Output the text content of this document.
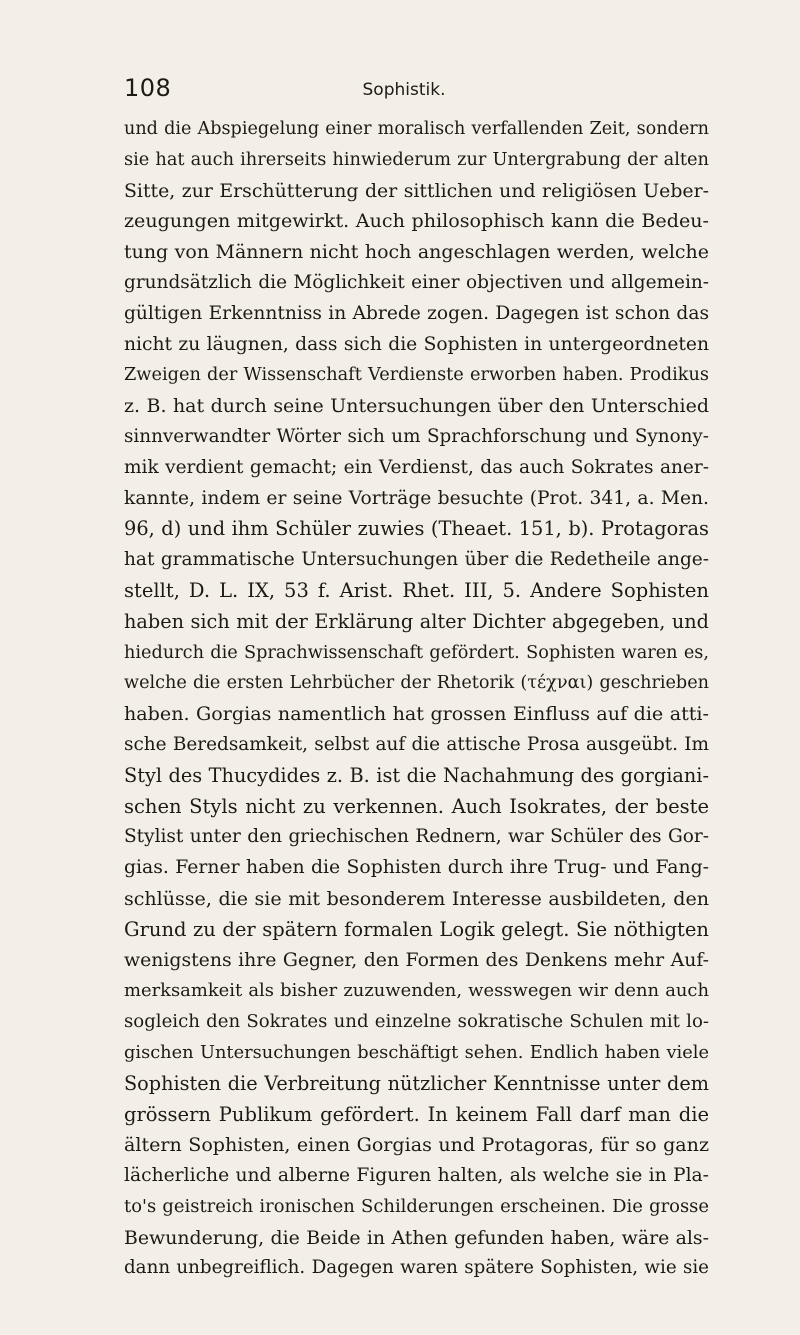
108	Sophistik.
und die Abspiegelung einer moralisch verfallenden Zeit, sondern
sie hat auch ihrerseits hinwiederum zur Untergrabung der alten
Sitte, zur Erschütterung der sittlichen und religiösen Ueber-
zeugungen mitgewirkt. Auch philosophisch kann die Bedeu-
tung von Männern nicht hoch angeschlagen werden, welche
grundsätzlich die Möglichkeit einer objectiven und allgemein-
gültigen Erkenntniss in Abrede zogen. Dagegen ist schon das
nicht zu läugnen, dass sich die Sophisten in untergeordneten
Zweigen der Wissenschaft Verdienste erworben haben. Prodikus
z. B. hat durch seine Untersuchungen über den Unterschied
sinnverwandter Wörter sich um Sprachforschung und Synony-
mik verdient gemacht; ein Verdienst, das auch Sokrates aner-
kannte, indem er seine Vorträge besuchte (Prot. 341, a. Men.
96, d) und ihm Schüler zuwies (Theaet. 151, b). Protagoras
hat grammatische Untersuchungen über die Redetheile ange-
stellt, D. L. IX, 53 f. Arist. Rhet. III, 5. Andere Sophisten
haben sich mit der Erklärung alter Dichter abgegeben, und
hiedurch die Sprachwissenschaft gefördert. Sophisten waren es,
welche die ersten Lehrbücher der Rhetorik (τέχναι) geschrieben
haben. Gorgias namentlich hat grossen Einfluss auf die atti-
sche Beredsamkeit, selbst auf die attische Prosa ausgeübt. Im
Styl des Thucydides z. B. ist die Nachahmung des gorgiani-
schen Styls nicht zu verkennen. Auch Isokrates, der beste
Stylist unter den griechischen Rednern, war Schüler des Gor-
gias. Ferner haben die Sophisten durch ihre Trug- und Fang-
schlüsse, die sie mit besonderem Interesse ausbildeten, den
Grund zu der spätern formalen Logik gelegt. Sie nöthigten
wenigstens ihre Gegner, den Formen des Denkens mehr Auf-
merksamkeit als bisher zuzuwenden, wesswegen wir denn auch
sogleich den Sokrates und einzelne sokratische Schulen mit lo-
gischen Untersuchungen beschäftigt sehen. Endlich haben viele
Sophisten die Verbreitung nützlicher Kenntnisse unter dem
grössern Publikum gefördert. In keinem Fall darf man die
ältern Sophisten, einen Gorgias und Protagoras, für so ganz
lächerliche und alberne Figuren halten, als welche sie in Pla-
to's geistreich ironischen Schilderungen erscheinen. Die grosse
Bewunderung, die Beide in Athen gefunden haben, wäre als-
dann unbegreiflich. Dagegen waren spätere Sophisten, wie sie
